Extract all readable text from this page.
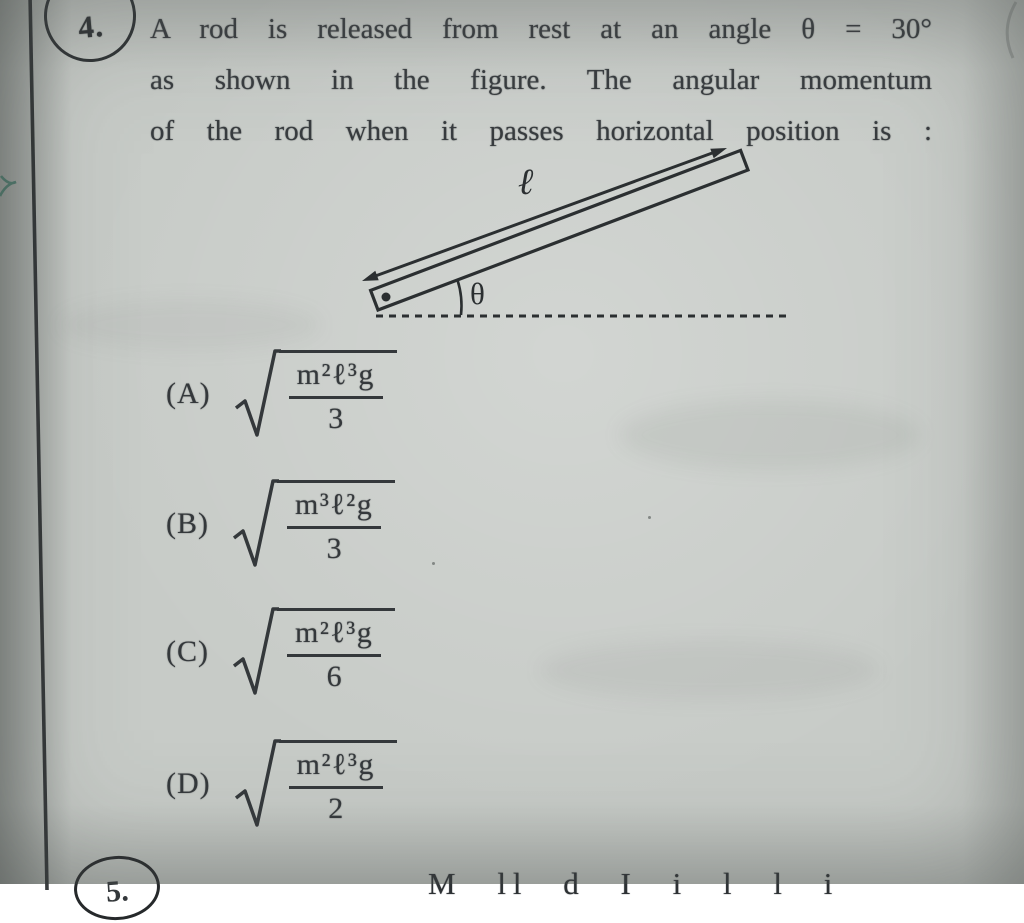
4. A rod is released from rest at an angle θ = 30°
as shown in the figure. The angular momentum
of the rod when it passes horizontal position is :
θ
ℓ
(A)
m²ℓ³g
3
(B)
m³ℓ²g
3
(C)
m²ℓ³g
6
(D)
m²ℓ³g
2
5.	M ll d I i l l i
